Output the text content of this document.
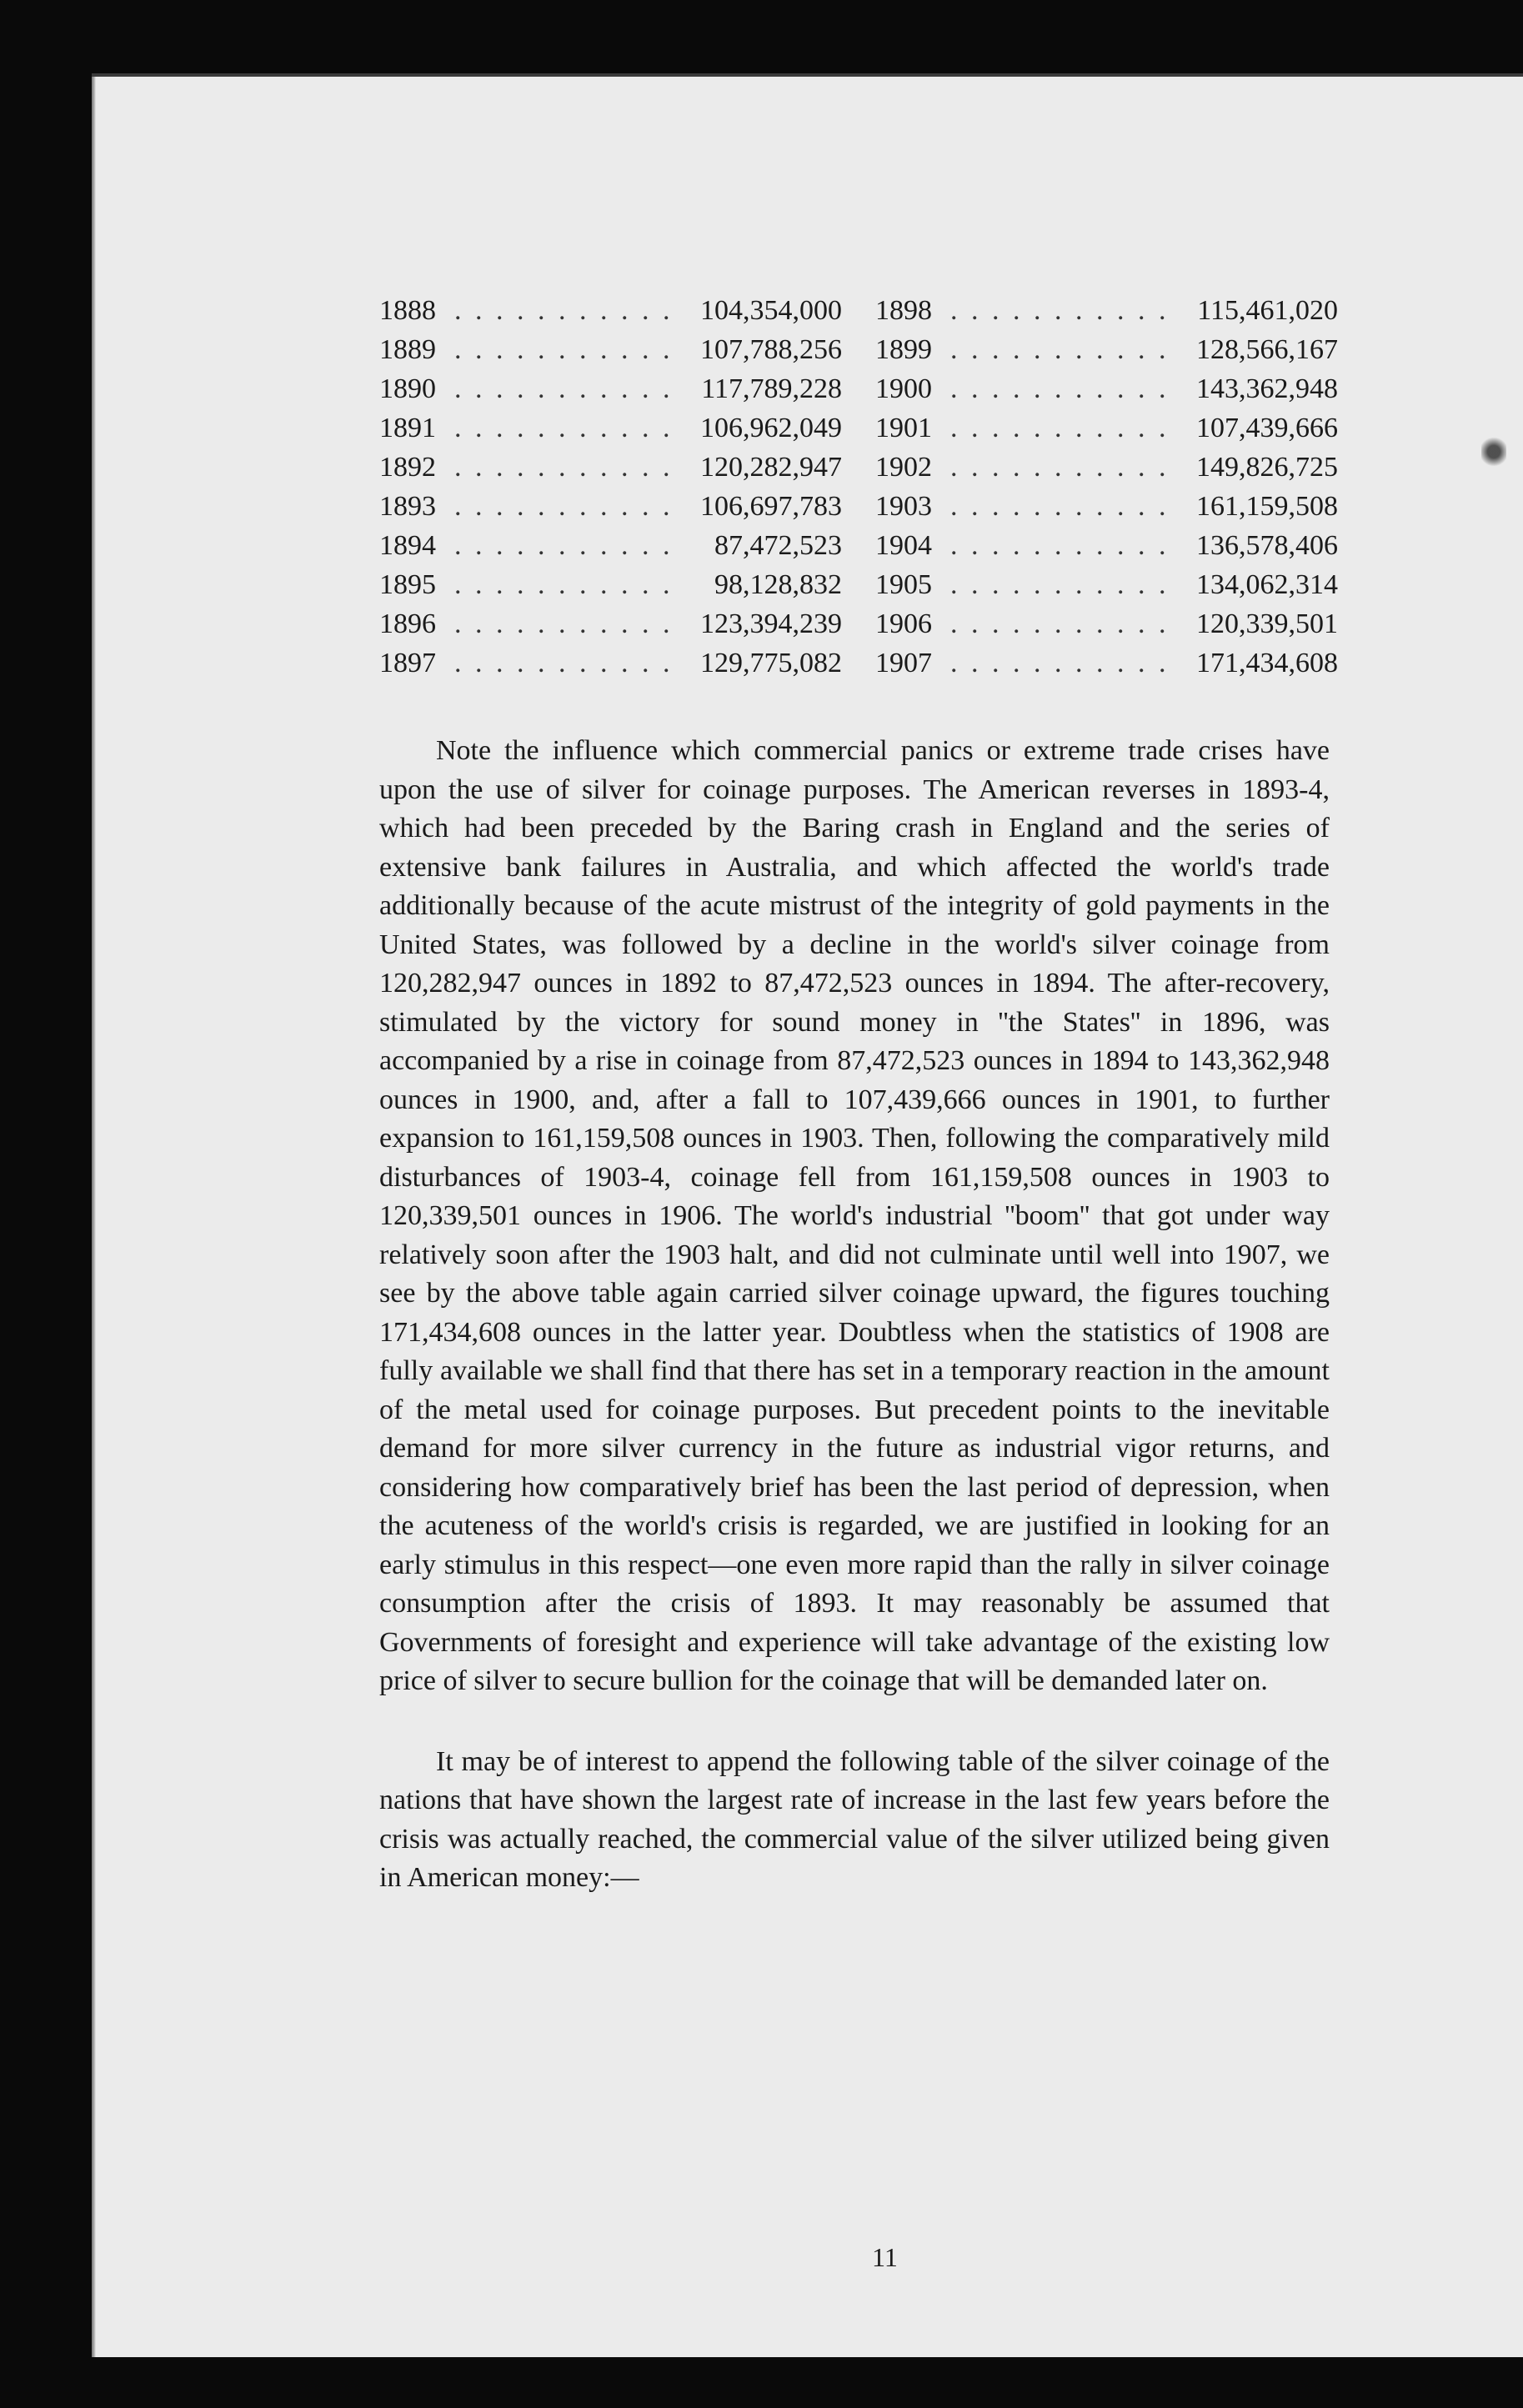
1888 . . .	104,354,000
1889 . . .	107,788,256
1890 . . .	117,789,228
1891 . . .	106,962,049
1892 . . .	120,282,947
1893 . . .	106,697,783
1894 . . .	87,472,523
1895 . . .	98,128,832
1896 . . .	123,394,239
1897 . . .	129,775,082
1898 . . .	115,461,020
1899 . . .	128,566,167
1900 . . .	143,362,948
1901 . . .	107,439,666
1902 . . .	149,826,725
1903 . . .	161,159,508
1904 . . .	136,578,406
1905 . . .	134,062,314
1906 . . .	120,339,501
1907 . . .	171,434,608

Note the influence which commercial panics or extreme trade crises have upon the use of silver for coinage purposes. The American reverses in 1893-4, which had been preceded by the Baring crash in England and the series of extensive bank failures in Australia, and which affected the world's trade additionally because of the acute mistrust of the integrity of gold payments in the United States, was followed by a decline in the world's silver coinage from 120,282,947 ounces in 1892 to 87,472,523 ounces in 1894. The after-recovery, stimulated by the victory for sound money in ''the States'' in 1896, was accompanied by a rise in coinage from 87,472,523 ounces in 1894 to 143,362,948 ounces in 1900, and, after a fall to 107,439,666 ounces in 1901, to further expansion to 161,159,508 ounces in 1903. Then, following the comparatively mild disturbances of 1903-4, coinage fell from 161,159,508 ounces in 1903 to 120,339,501 ounces in 1906. The world's industrial ''boom'' that got under way relatively soon after the 1903 halt, and did not culminate until well into 1907, we see by the above table again carried silver coinage upward, the figures touching 171,434,608 ounces in the latter year. Doubtless when the statistics of 1908 are fully available we shall find that there has set in a temporary reaction in the amount of the metal used for coinage purposes. But precedent points to the inevitable demand for more silver currency in the future as industrial vigor returns, and considering how comparatively brief has been the last period of depression, when the acuteness of the world's crisis is regarded, we are justified in looking for an early stimulus in this respect—one even more rapid than the rally in silver coinage consumption after the crisis of 1893. It may reasonably be assumed that Governments of foresight and experience will take advantage of the existing low price of silver to secure bullion for the coinage that will be demanded later on.

It may be of interest to append the following table of the silver coinage of the nations that have shown the largest rate of increase in the last few years before the crisis was actually reached, the commercial value of the silver utilized being given in American money:—

11
